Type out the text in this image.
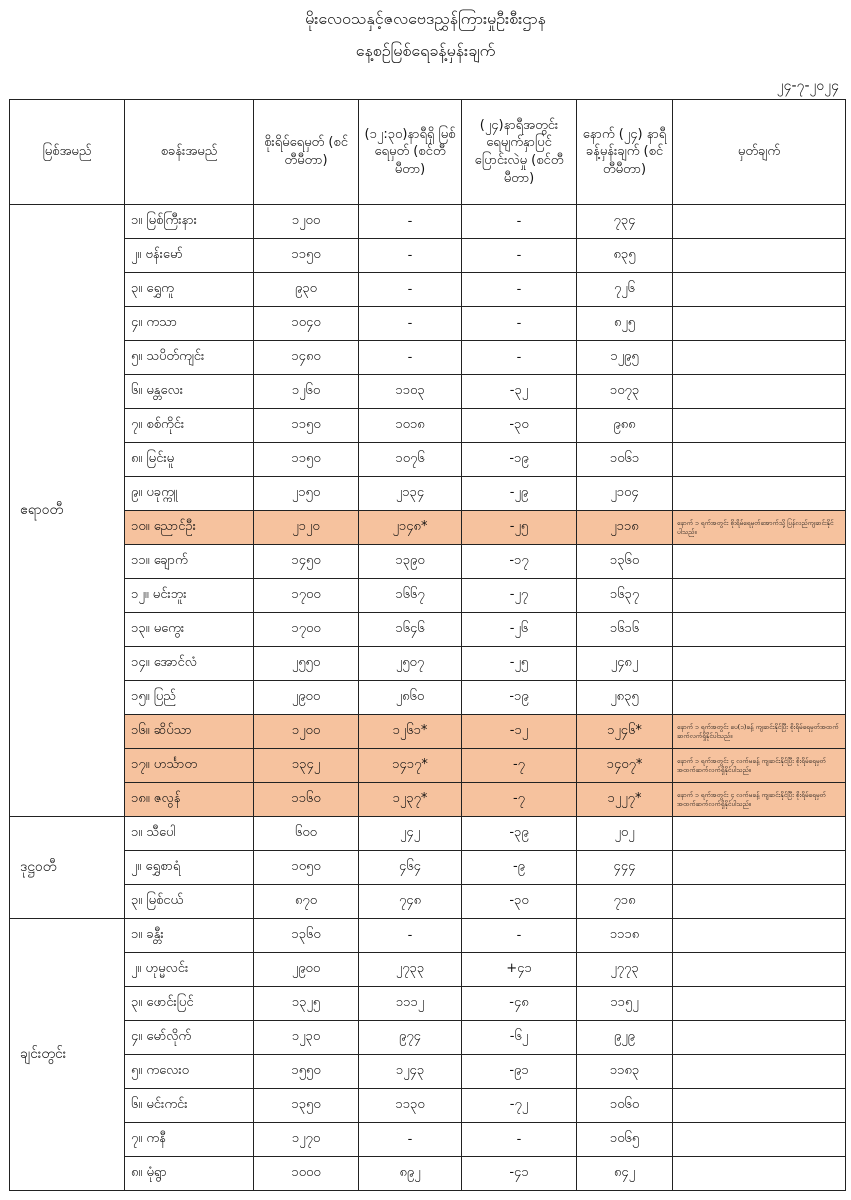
မိုးလေဝသနှင့်ဇလဗေဒညွှန်ကြားမှုဦးစီးဌာန
နေ့စဉ်မြစ်ရေခန့်မှန်းချက်
၂၄-၇-၂၀၂၄
မြစ်အမည်	စခန်းအမည်	စိုးရိမ်ရေမှတ် (စင်တီမီတာ)	(၁၂:၃၀)နာရီရှိ မြစ်ရေမှတ် (စင်တီမီတာ)	(၂၄)နာရီအတွင်း ရေမျက်နှာပြင် ပြောင်းလဲမှု (စင်တီမီတာ)	နောက် (၂၄) နာရီ ခန့်မှန်းချက် (စင်တီမီတာ)	မှတ်ချက်
ဧရာဝတီ	၁။ မြစ်ကြီးနား	၁၂၀၀	-	-	၇၃၄	
	၂။ ဗန်းမော်	၁၁၅၀	-	-	၈၃၅	
	၃။ ရွှေကူ	၉၃၀	-	-	၇၂၆	
	၄။ ကသာ	၁၀၄၀	-	-	၈၂၅	
	၅။ သပိတ်ကျင်း	၁၄၈၀	-	-	၁၂၉၅	
	၆။ မန္တလေး	၁၂၆၀	၁၁၀၃	-၃၂	၁၀၇၃	
	၇။ စစ်ကိုင်း	၁၁၅၀	၁၀၁၈	-၃၀	၉၈၈	
	၈။ မြင်းမူ	၁၁၅၀	၁၀၇၆	-၁၉	၁၀၆၁	
	၉။ ပခုက္ကူ	၂၁၅၀	၂၁၃၄	-၂၉	၂၁၀၄	
	၁၀။ ညောင်ဦး	၂၁၂၀	၂၁၄၈*	-၂၅	၂၁၁၈	နောက် ၁ ရက်အတွင်း စိုးရိမ်ရေမှတ်အောက်သို့ ပြန်လည်ကျဆင်းနိုင်ပါသည်။
	၁၁။ ချောက်	၁၄၅၀	၁၃၉၀	-၁၇	၁၃၆၀	
	၁၂။ မင်းဘူး	၁၇၀၀	၁၆၆၇	-၂၇	၁၆၃၇	
	၁၃။ မကွေး	၁၇၀၀	၁၆၄၆	-၂၆	၁၆၁၆	
	၁၄။ အောင်လံ	၂၅၅၀	၂၅၀၇	-၂၅	၂၄၈၂	
	၁၅။ ပြည်	၂၉၀၀	၂၈၆၀	-၁၉	၂၈၃၅	
	၁၆။ ဆိပ်သာ	၁၂၀၀	၁၂၆၁*	-၁၂	၁၂၄၆*	နောက် ၁ ရက်အတွင်း ပေ(၁)ခန့် ကျဆင်းနိုင်ပြီး စိုးရိမ်ရေမှတ်အထက်ဆက်လက်ရှိနိုင်ပါသည်။
	၁၇။ ဟင်္သာတ	၁၃၄၂	၁၄၁၇*	-၇	၁၄၀၇*	နောက် ၁ ရက်အတွင်း ၄ လက်မခန့် ကျဆင်းနိုင်ပြီး စိုးရိမ်ရေမှတ်အထက်ဆက်လက်ရှိနိုင်ပါသည်။
	၁၈။ ဇလွန်	၁၁၆၀	၁၂၃၇*	-၇	၁၂၂၇*	နောက် ၁ ရက်အတွင်း ၄ လက်မခန့် ကျဆင်းနိုင်ပြီး စိုးရိမ်ရေမှတ်အထက်ဆက်လက်ရှိနိုင်ပါသည်။
ဒုဋ္ဌဝတီ	၁။ သီပေါ	၆၀၀	၂၄၂	-၃၉	၂၀၂	
	၂။ ရွှေစာရံ	၁၀၅၀	၄၆၄	-၉	၄၄၄	
	၃။ မြစ်ငယ်	၈၇၀	၇၄၈	-၃၀	၇၁၈	
ချင်းတွင်း	၁။ ခန္တီး	၁၃၆၀	-	-	၁၁၁၈	
	၂။ ဟုမ္မလင်း	၂၉၀၀	၂၇၃၃	+၄၁	၂၇၇၃	
	၃။ ဖောင်းပြင်	၁၃၂၅	၁၁၁၂	-၄၈	၁၁၅၂	
	၄။ မော်လိုက်	၁၂၃၀	၉၇၄	-၆၂	၉၂၉	
	၅။ ကလေးဝ	၁၅၅၀	၁၂၄၃	-၉၁	၁၁၈၃	
	၆။ မင်းကင်း	၁၃၅၀	၁၁၃၀	-၇၂	၁၀၆၀	
	၇။ ကနီ	၁၂၇၀	-	-	၁၀၆၅	
	၈။ မုံရွာ	၁၀၀၀	၈၉၂	-၄၁	၈၄၂	
